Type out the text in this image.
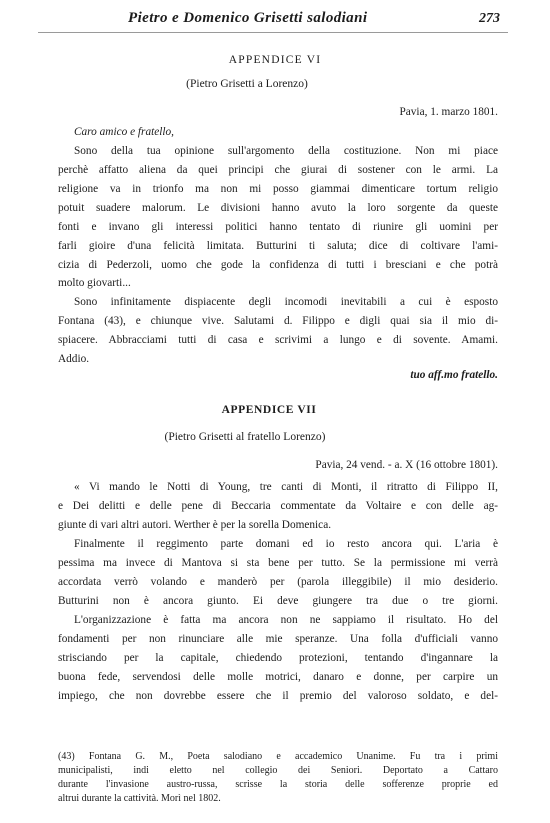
Pietro e Domenico Grisetti salodiani	273
APPENDICE VI
(Pietro Grisetti a Lorenzo)
Pavia, 1. marzo 1801.
Caro amico e fratello,
Sono della tua opinione sull'argomento della costituzione. Non mi piace
perchè affatto aliena da quei principi che giurai di sostener con le armi. La
religione va in trionfo ma non mi posso giammai dimenticare tortum religio
potuit suadere malorum. Le divisioni hanno avuto la loro sorgente da queste
fonti e invano gli interessi politici hanno tentato di riunire gli uomini per
farli gioire d'una felicità limitata. Butturini ti saluta; dice di coltivare l'ami-
cizia di Pederzoli, uomo che gode la confidenza di tutti i bresciani e che potrà
molto giovarti...
Sono infinitamente dispiacente degli incomodi inevitabili a cui è esposto
Fontana (43), e chiunque vive. Salutami d. Filippo e digli quai sia il mio di-
spiacere. Abbracciami tutti di casa e scrivimi a lungo e di sovente. Amami.
Addio.
tuo aff.mo fratello.
APPENDICE VII
(Pietro Grisetti al fratello Lorenzo)
Pavia, 24 vend. - a. X (16 ottobre 1801).
« Vi mando le Notti di Young, tre canti di Monti, il ritratto di Filippo II,
e Dei delitti e delle pene di Beccaria commentate da Voltaire e con delle ag-
giunte di vari altri autori. Werther è per la sorella Domenica.
Finalmente il reggimento parte domani ed io resto ancora qui. L'aria è
pessima ma invece di Mantova si sta bene per tutto. Se la permissione mi verrà
accordata verrò volando e manderò per (parola illeggibile) il mio desiderio.
Butturini non è ancora giunto. Ei deve giungere tra due o tre giorni.
L'organizzazione è fatta ma ancora non ne sappiamo il risultato. Ho del
fondamenti per non rinunciare alle mie speranze. Una folla d'ufficiali vanno
strisciando per la capitale, chiedendo protezioni, tentando d'ingannare la
buona fede, servendosi delle molle motrici, danaro e donne, per carpire un
impiego, che non dovrebbe essere che il premio del valoroso soldato, e del-
(43) Fontana G. M., Poeta salodiano e accademico Unanime. Fu tra i primi
municipalisti, indi eletto nel collegio dei Seniori. Deportato a Cattaro
durante l'invasione austro-russa, scrisse la storia delle sofferenze proprie ed
altrui durante la cattività. Morì nel 1802.
